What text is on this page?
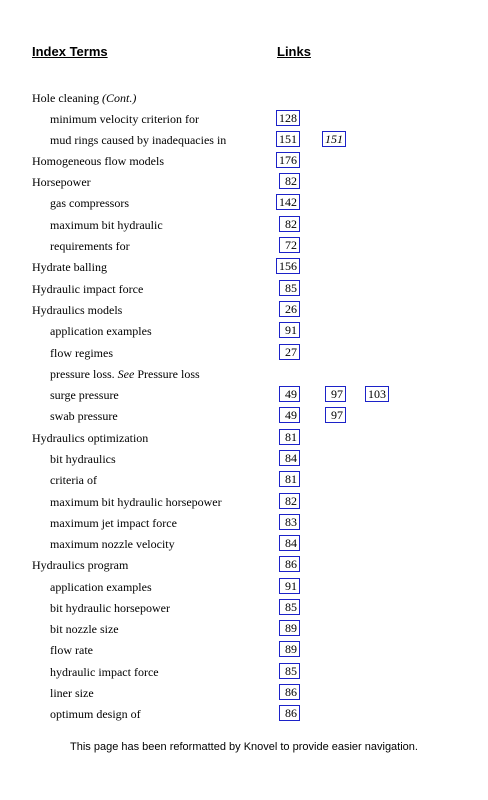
Index Terms	Links
Hole cleaning (Cont.)
minimum velocity criterion for	128
mud rings caused by inadequacies in	151 151
Homogeneous flow models	176
Horsepower	82
gas compressors	142
maximum bit hydraulic	82
requirements for	72
Hydrate balling	156
Hydraulic impact force	85
Hydraulics models	26
application examples	91
flow regimes	27
pressure loss. See Pressure loss
surge pressure	49	97 103
swab pressure	49	97
Hydraulics optimization	81
bit hydraulics	84
criteria of	81
maximum bit hydraulic horsepower	82
maximum jet impact force	83
maximum nozzle velocity	84
Hydraulics program	86
application examples	91
bit hydraulic horsepower	85
bit nozzle size	89
flow rate	89
hydraulic impact force	85
liner size	86
optimum design of	86
This page has been reformatted by Knovel to provide easier navigation.
